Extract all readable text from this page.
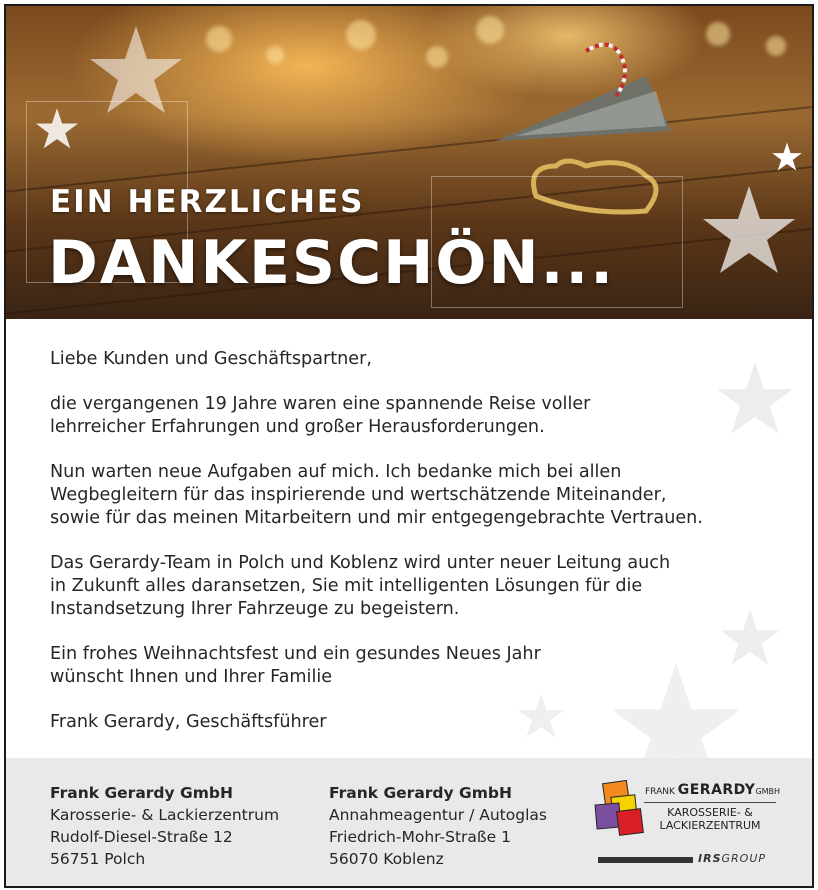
EIN HERZLICHES
DANKESCHÖN...

Liebe Kunden und Geschäftspartner,

die vergangenen 19 Jahre waren eine spannende Reise voller
lehrreicher Erfahrungen und großer Herausforderungen.

Nun warten neue Aufgaben auf mich. Ich bedanke mich bei allen
Wegbegleitern für das inspirierende und wertschätzende Miteinander,
sowie für das meinen Mitarbeitern und mir entgegengebrachte Vertrauen.

Das Gerardy-Team in Polch und Koblenz wird unter neuer Leitung auch
in Zukunft alles daransetzen, Sie mit intelligenten Lösungen für die
Instandsetzung Ihrer Fahrzeuge zu begeistern.

Ein frohes Weihnachtsfest und ein gesundes Neues Jahr
wünscht Ihnen und Ihrer Familie

Frank Gerardy, Geschäftsführer

Frank Gerardy GmbH
Karosserie- & Lackierzentrum
Rudolf-Diesel-Straße 12
56751 Polch
Frank Gerardy GmbH
Annahmeagentur / Autoglas
Friedrich-Mohr-Straße 1
56070 Koblenz
FRANK GERARDYGMBH
KAROSSERIE- &
LACKIERZENTRUM
IRSGROUP
